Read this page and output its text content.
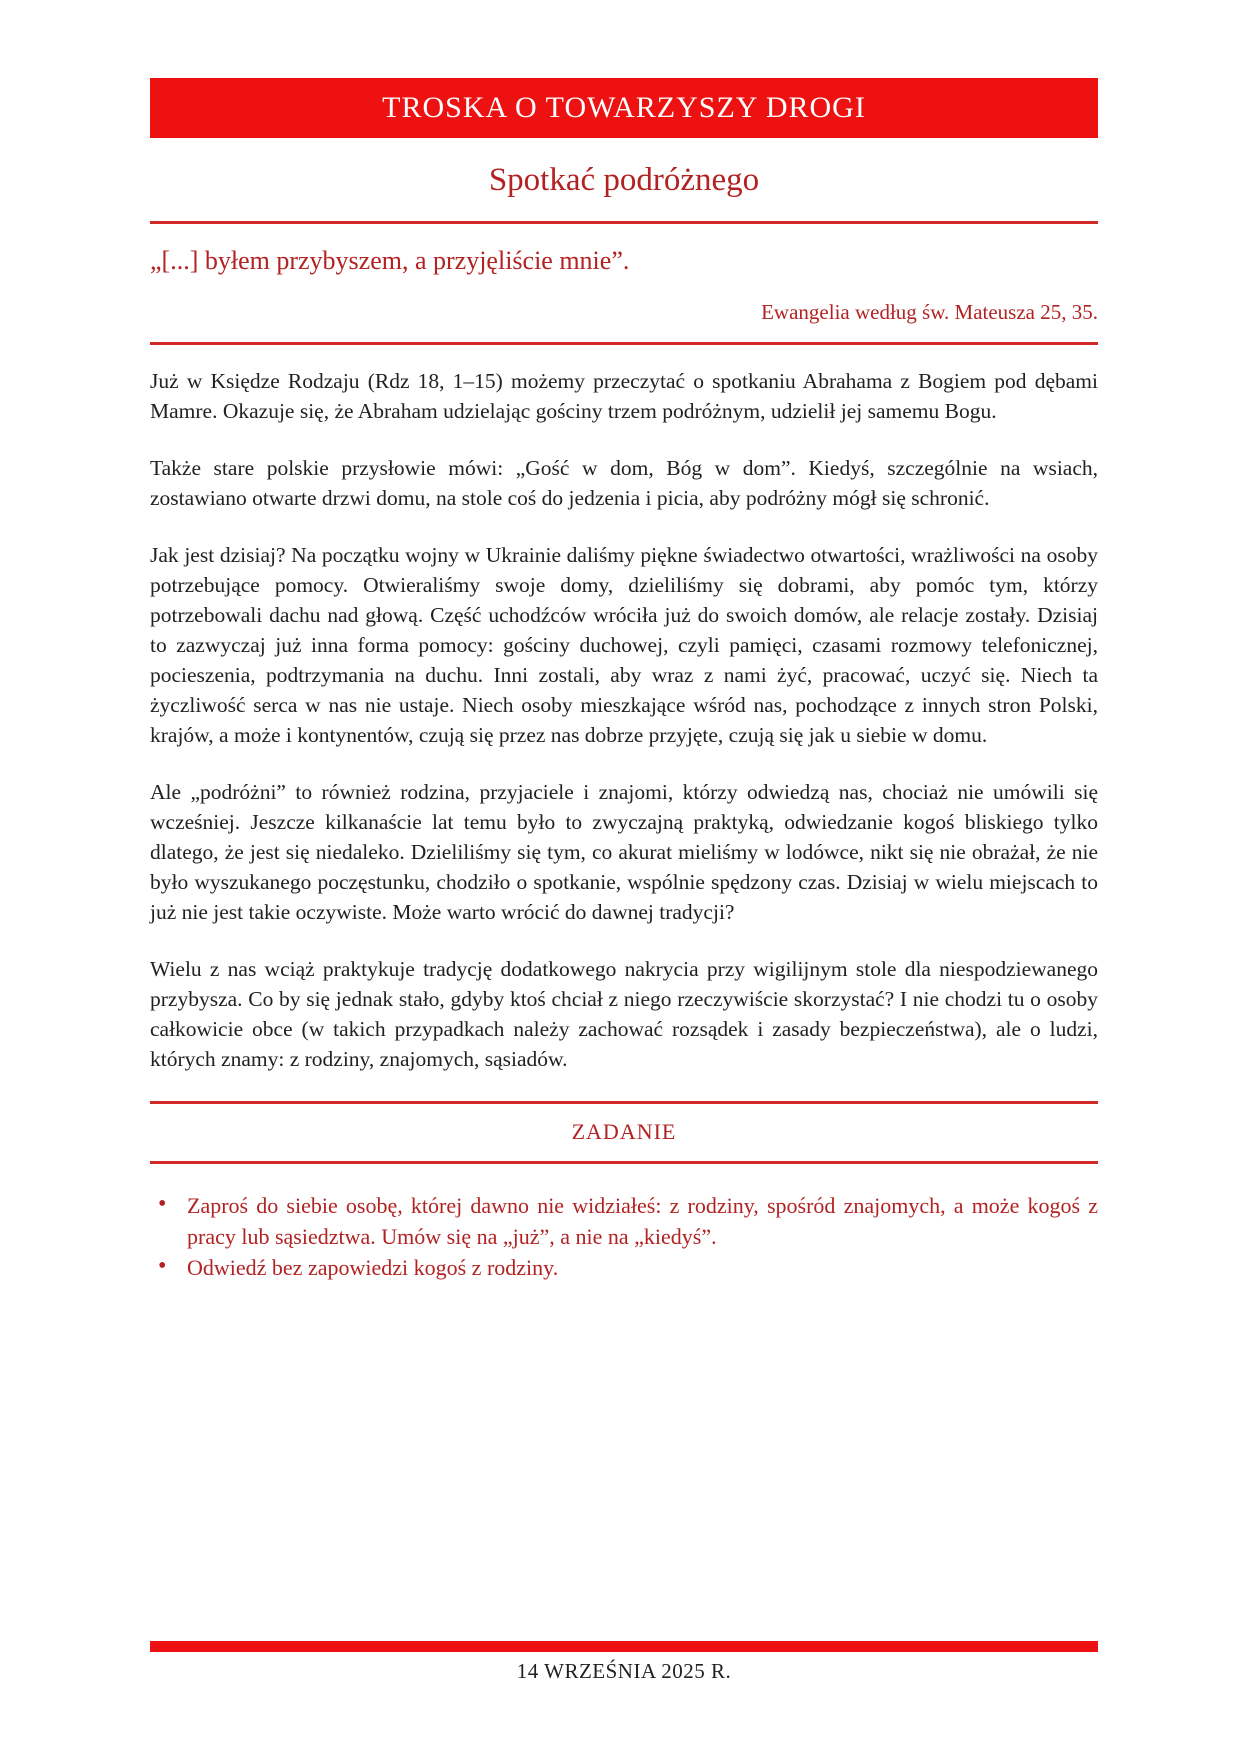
TROSKA O TOWARZYSZY DROGI
Spotkać podróżnego

„[...] byłem przybyszem, a przyjęliście mnie”.

Ewangelia według św. Mateusza 25, 35.

Już w Księdze Rodzaju (Rdz 18, 1–15) możemy przeczytać o spotkaniu Abrahama z Bogiem pod dębami Mamre. Okazuje się, że Abraham udzielając gościny trzem podróżnym, udzielił jej samemu Bogu.

Także stare polskie przysłowie mówi: „Gość w dom, Bóg w dom”. Kiedyś, szczególnie na wsiach, zostawiano otwarte drzwi domu, na stole coś do jedzenia i picia, aby podróżny mógł się schronić.

Jak jest dzisiaj? Na początku wojny w Ukrainie daliśmy piękne świadectwo otwartości, wrażliwości na osoby potrzebujące pomocy. Otwieraliśmy swoje domy, dzieliliśmy się dobrami, aby pomóc tym, którzy potrzebowali dachu nad głową. Część uchodźców wróciła już do swoich domów, ale relacje zostały. Dzisiaj to zazwyczaj już inna forma pomocy: gościny duchowej, czyli pamięci, czasami rozmowy telefonicznej, pocieszenia, podtrzymania na duchu. Inni zostali, aby wraz z nami żyć, pracować, uczyć się. Niech ta życzliwość serca w nas nie ustaje. Niech osoby mieszkające wśród nas, pochodzące z innych stron Polski, krajów, a może i kontynentów, czują się przez nas dobrze przyjęte, czują się jak u siebie w domu.

Ale „podróżni” to również rodzina, przyjaciele i znajomi, którzy odwiedzą nas, chociaż nie umówili się wcześniej. Jeszcze kilkanaście lat temu było to zwyczajną praktyką, odwiedzanie kogoś bliskiego tylko dlatego, że jest się niedaleko. Dzieliliśmy się tym, co akurat mieliśmy w lodówce, nikt się nie obrażał, że nie było wyszukanego poczęstunku, chodziło o spotkanie, wspólnie spędzony czas. Dzisiaj w wielu miejscach to już nie jest takie oczywiste. Może warto wrócić do dawnej tradycji?

Wielu z nas wciąż praktykuje tradycję dodatkowego nakrycia przy wigilijnym stole dla niespodziewanego przybysza. Co by się jednak stało, gdyby ktoś chciał z niego rzeczywiście skorzystać? I nie chodzi tu o osoby całkowicie obce (w takich przypadkach należy zachować rozsądek i zasady bezpieczeństwa), ale o ludzi, których znamy: z rodziny, znajomych, sąsiadów.

ZADANIE
• Zaproś do siebie osobę, której dawno nie widziałeś: z rodziny, spośród znajomych, a może kogoś z pracy lub sąsiedztwa. Umów się na „już”, a nie na „kiedyś”.
• Odwiedź bez zapowiedzi kogoś z rodziny.

14 WRZEŚNIA 2025 R.
